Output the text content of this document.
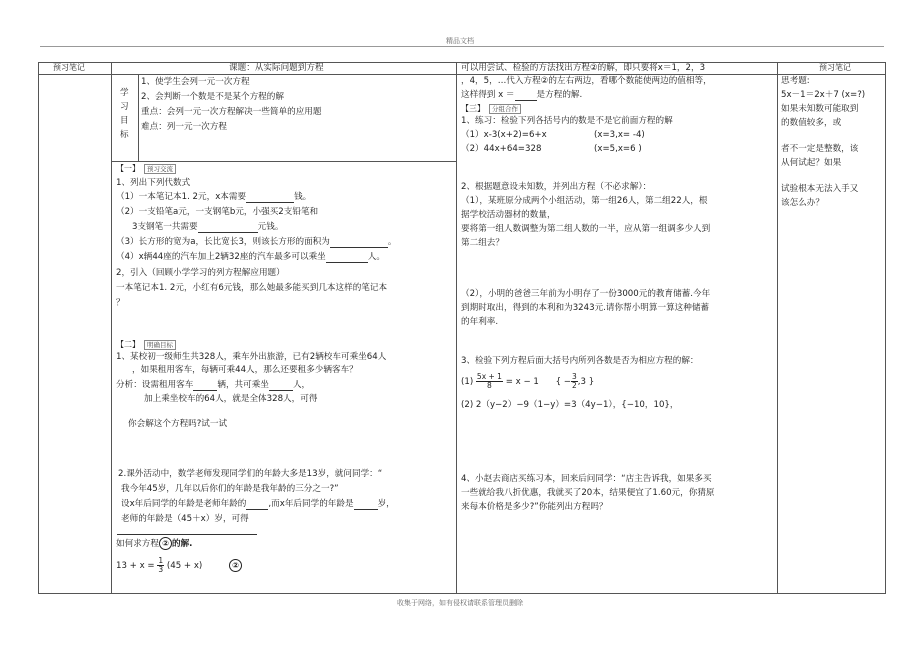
精品文档
预习笔记	预习笔记
课题：从实际问题到方程
学
习
目
标
1、使学生会列一元一次方程
2、会判断一个数是不是某个方程的解
重点：会列一元一次方程解决一些简单的应用题
难点：列一元一次方程
【一】 预习交流
1、列出下列代数式
（1）一本笔记本1. 2元，x本需要	钱。
（2）一支铅笔a元，一支钢笔b元，小强买2支铅笔和
3支钢笔一共需要	元钱。
（3）长方形的宽为a，长比宽长3，则该长方形的面积为	。
（4）x辆44座的汽车加上2辆32座的汽车最多可以乘坐	人。
2，引入（回顾小学学习的列方程解应用题）
一本笔记本1. 2元，小红有6元钱，那么她最多能买到几本这样的笔记本
？
【二】 明确目标
1、某校初一级师生共328人，乘车外出旅游，已有2辆校车可乘坐64人
，如果租用客车，每辆可乘44人，那么还要租多少辆客车？
分析：设需租用客车	辆，共可乘坐	人，
加上乘坐校车的64人，就是全体328人，可得
你会解这个方程吗?试一试
2.课外活动中，数学老师发现同学们的年龄大多是13岁，就问同学：“
我今年45岁，几年以后你们的年龄是我年龄的三分之一?”
设x年后同学的年龄是老师年龄的	,而x年后同学的年龄是	岁，
老师的年龄是（45＋x）岁，可得
如何求方程 ② 的解.
$13 + x = \frac{1}{3} (45 + x)$	②
可以用尝试、检验的方法找出方程②的解，即只要将x＝1，2，3
，4，5，…代入方程②的左右两边，看哪个数能使两边的值相等，
这样得到 x ＝	是方程的解.
【三】 分组合作
1、练习：检验下列各括号内的数是不是它前面方程的解
（1）x-3(x+2)=6+x	(x=3,x= -4)
（2）44x+64=328	(x=5,x=6 )
2、根据题意设未知数，并列出方程（不必求解）：
（1），某班原分成两个小组活动，第一组26人，第二组22人，根
据学校活动器材的数量，
要将第一组人数调整为第二组人数的一半，应从第一组调多少人到
第二组去？
（2），小明的爸爸三年前为小明存了一份3000元的教育储蓄.今年
到期时取出，得到的本利和为3243元.请你帮小明算一算这种储蓄
的年利率.
3、检验下列方程后面大括号内所列各数是否为相应方程的解：
$(1) \frac{5x + 1}{8} = x - 1$ { − $\frac{3}{2} ,3$ }
(2) 2（y−2）−9（1−y）=3（4y−1），{−10，10}，
4、小赵去商店买练习本，回来后问同学：“店主告诉我，如果多买
一些就给我八折优惠，我就买了20本，结果便宜了1.60元，你猜原
来每本价格是多少?”你能列出方程吗？
思考题:
5x－1＝2x＋7 (x=?)
如果未知数可能取到
的数值较多，或
者不一定是整数，该
从何试起？如果
试验根本无法入手又
该怎么办？
收集于网络，如有侵权请联系管理员删除
